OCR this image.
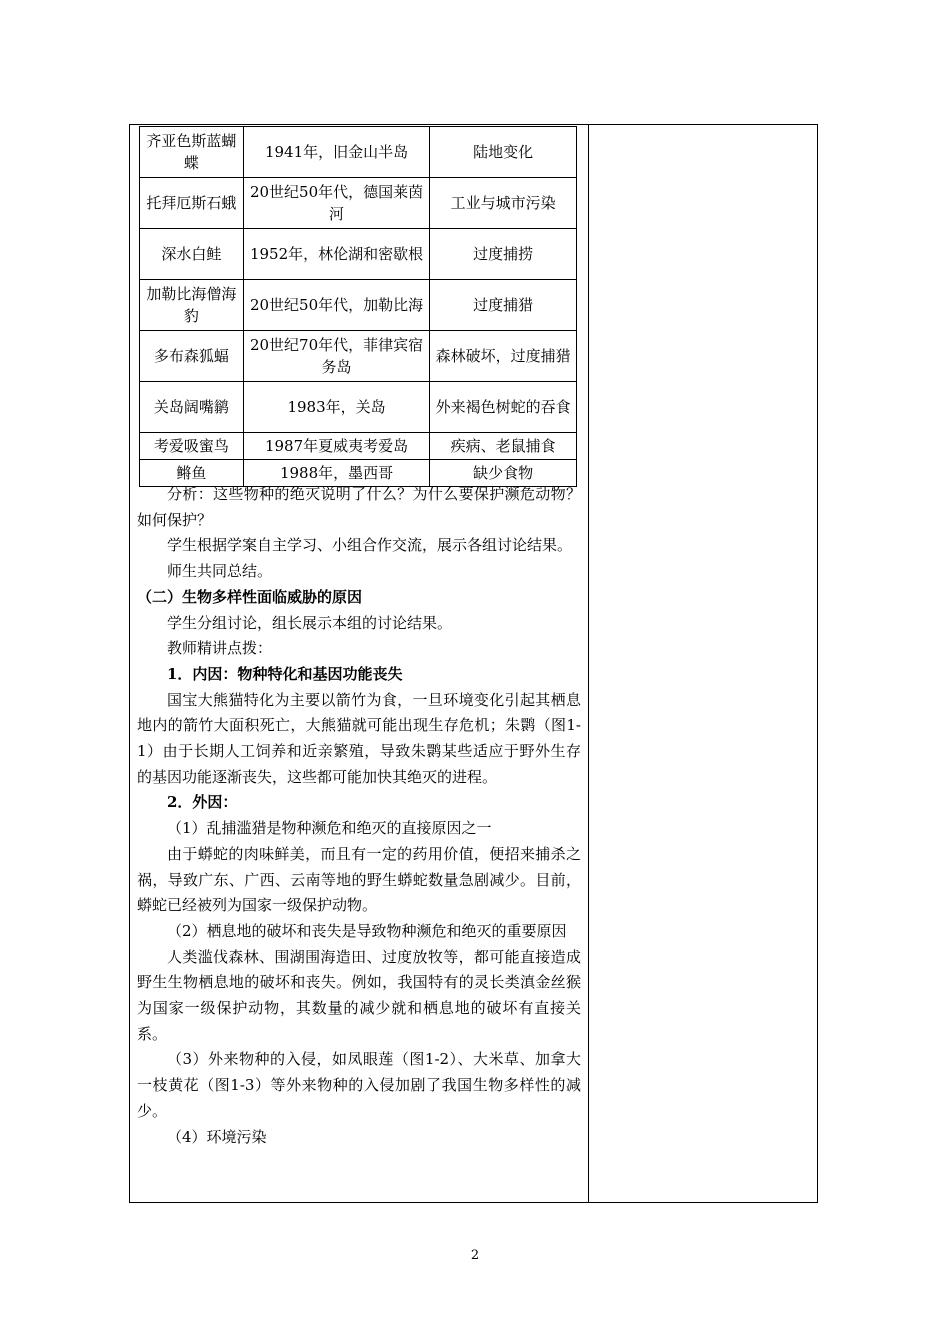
齐亚色斯蓝蝴蝶	1941年，旧金山半岛	陆地变化
托拜厄斯石蛾	20世纪50年代，德国莱茵河	工业与城市污染
深水白鲑	1952年，林伦湖和密歇根	过度捕捞
加勒比海僧海豹	20世纪50年代，加勒比海	过度捕猎
多布森狐蝠	20世纪70年代，菲律宾宿务岛	森林破坏，过度捕猎
关岛阔嘴鹟	1983年，关岛	外来褐色树蛇的吞食
考爱吸蜜鸟	1987年夏威夷考爱岛	疾病、老鼠捕食
鳉鱼	1988年，墨西哥	缺少食物

分析：这些物种的绝灭说明了什么？为什么要保护濒危动物？如何保护？

学生根据学案自主学习、小组合作交流，展示各组讨论结果。

师生共同总结。

（二）生物多样性面临威胁的原因

学生分组讨论，组长展示本组的讨论结果。

教师精讲点拨：

1．内因：物种特化和基因功能丧失

国宝大熊猫特化为主要以箭竹为食，一旦环境变化引起其栖息地内的箭竹大面积死亡，大熊猫就可能出现生存危机；朱鹮（图1-1）由于长期人工饲养和近亲繁殖，导致朱鹮某些适应于野外生存的基因功能逐渐丧失，这些都可能加快其绝灭的进程。

2．外因：

（1）乱捕滥猎是物种濒危和绝灭的直接原因之一

由于蟒蛇的肉味鲜美，而且有一定的药用价值，便招来捕杀之祸，导致广东、广西、云南等地的野生蟒蛇数量急剧减少。目前，蟒蛇已经被列为国家一级保护动物。

（2）栖息地的破坏和丧失是导致物种濒危和绝灭的重要原因

人类滥伐森林、围湖围海造田、过度放牧等，都可能直接造成野生生物栖息地的破坏和丧失。例如，我国特有的灵长类滇金丝猴为国家一级保护动物，其数量的减少就和栖息地的破坏有直接关系。

（3）外来物种的入侵，如凤眼莲（图1-2）、大米草、加拿大一枝黄花（图1-3）等外来物种的入侵加剧了我国生物多样性的减少。

（4）环境污染

2
